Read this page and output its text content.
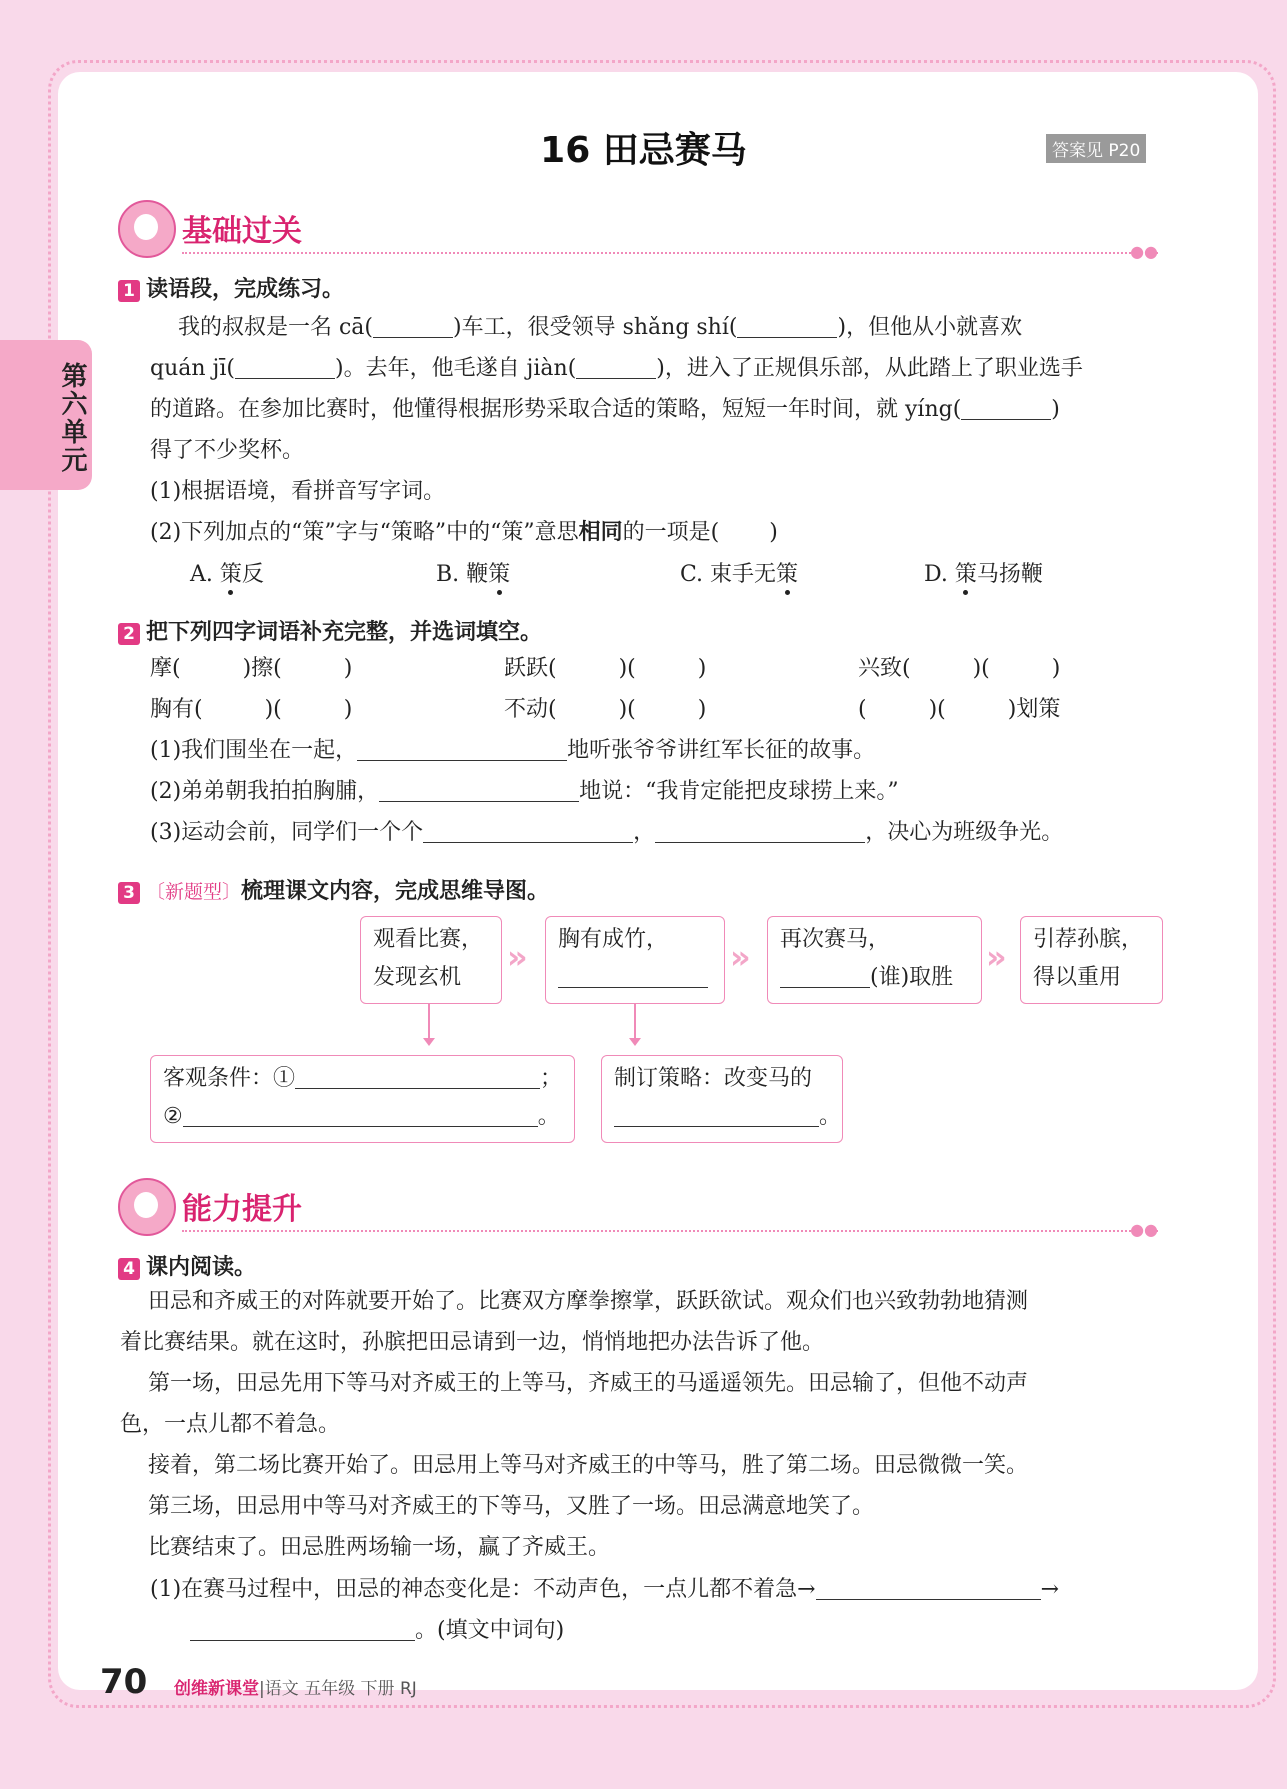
第六单元
16 田忌赛马	答案见 P20
基础过关
●●
1 读语段，完成练习。
我的叔叔是一名 cā(	)车工，很受领导 shǎng shí(	)，但他从小就喜欢
quán jī(	)。去年，他毛遂自 jiàn(	)，进入了正规俱乐部，从此踏上了职业选手
的道路。在参加比赛时，他懂得根据形势采取合适的策略，短短一年时间，就 yíng(	)
得了不少奖杯。
(1)根据语境，看拼音写字词。
(2)下列加点的“策”字与“策略”中的“策”意思相同的一项是( )
A. 策反	B. 鞭策	C. 束手无策	D. 策马扬鞭
2 把下列四字词语补充完整，并选词填空。
摩(	)擦(	)	跃跃(	)(	)	兴致(	)(	)
胸有(	)(	)	不动(	)(	)	(	)(	)划策
(1)我们围坐在一起，	地听张爷爷讲红军长征的故事。
(2)弟弟朝我拍拍胸脯，	地说：“我肯定能把皮球捞上来。”
(3)运动会前，同学们一个个	，	，决心为班级争光。
3 〔新题型〕梳理课文内容，完成思维导图。
观看比赛，
发现玄机
» 胸有成竹，	» 再次赛马，
(谁)取胜
»	引荐孙膑，
得以重用
客观条件：①	；
②	。
制订策略：改变马的
。
能力提升
●●
4 课内阅读。
田忌和齐威王的对阵就要开始了。比赛双方摩拳擦掌，跃跃欲试。观众们也兴致勃勃地猜测
着比赛结果。就在这时，孙膑把田忌请到一边，悄悄地把办法告诉了他。
第一场，田忌先用下等马对齐威王的上等马，齐威王的马遥遥领先。田忌输了，但他不动声
色，一点儿都不着急。
接着，第二场比赛开始了。田忌用上等马对齐威王的中等马，胜了第二场。田忌微微一笑。
第三场，田忌用中等马对齐威王的下等马，又胜了一场。田忌满意地笑了。
比赛结束了。田忌胜两场输一场，赢了齐威王。
(1)在赛马过程中，田忌的神态变化是：不动声色，一点儿都不着急→	→
。(填文中词句)
70 创维新课堂|语文 五年级 下册 RJ
